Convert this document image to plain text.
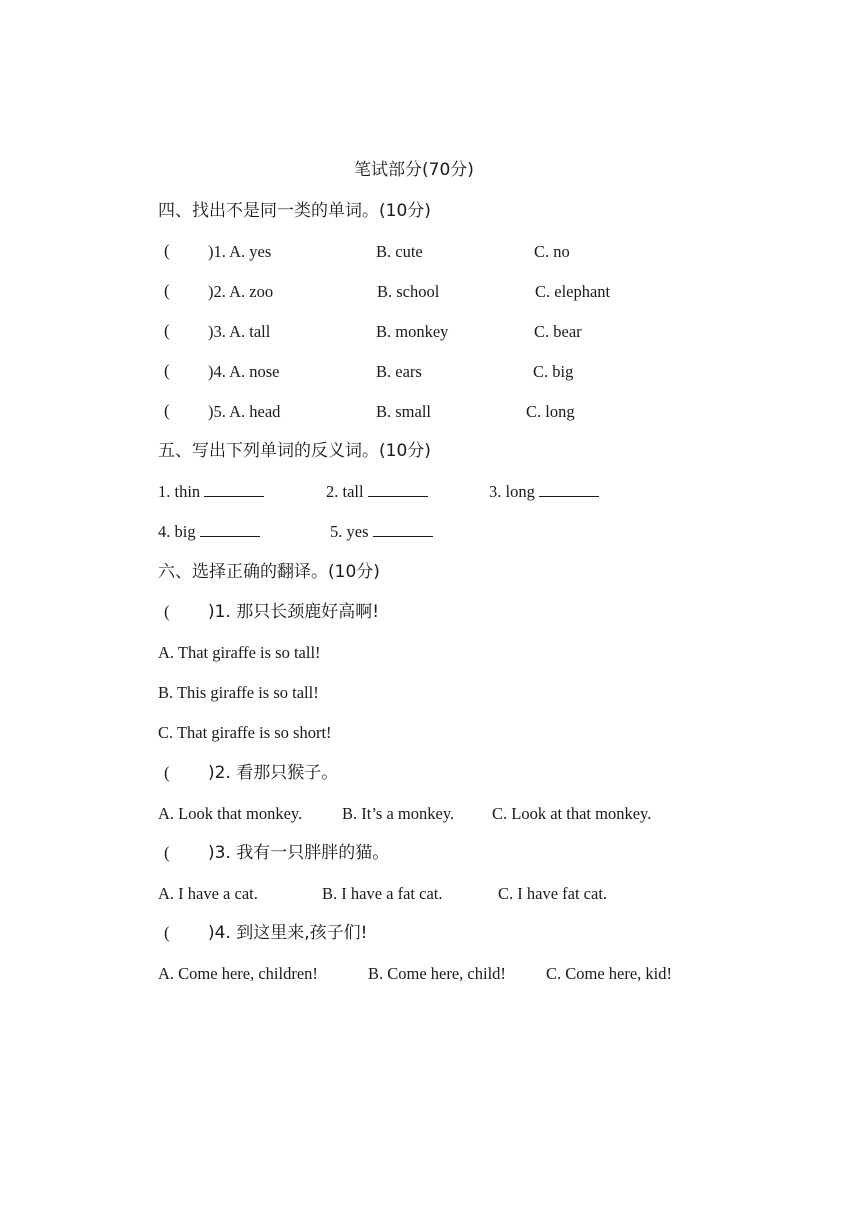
笔试部分(70分)
四、找出不是同一类的单词。(10分)
( )1. A. yes	B. cute	C. no
( )2. A. zoo	B. school	C. elephant
( )3. A. tall	B. monkey	C. bear
( )4. A. nose	B. ears	C. big
( )5. A. head	B. small	C. long
五、写出下列单词的反义词。(10分)
1. thin	2. tall	3. long
4. big	5. yes
六、选择正确的翻译。(10分)
( )1. 那只长颈鹿好高啊!
A. That giraffe is so tall!
B. This giraffe is so tall!
C. That giraffe is so short!
( )2. 看那只猴子。
A. Look that monkey. B. It’s a monkey. C. Look at that monkey.
( )3. 我有一只胖胖的猫。
A. I have a cat.	B. I have a fat cat.	C. I have fat cat.
( )4. 到这里来,孩子们!
A. Come here, children!	B. Come here, child! C. Come here, kid!
